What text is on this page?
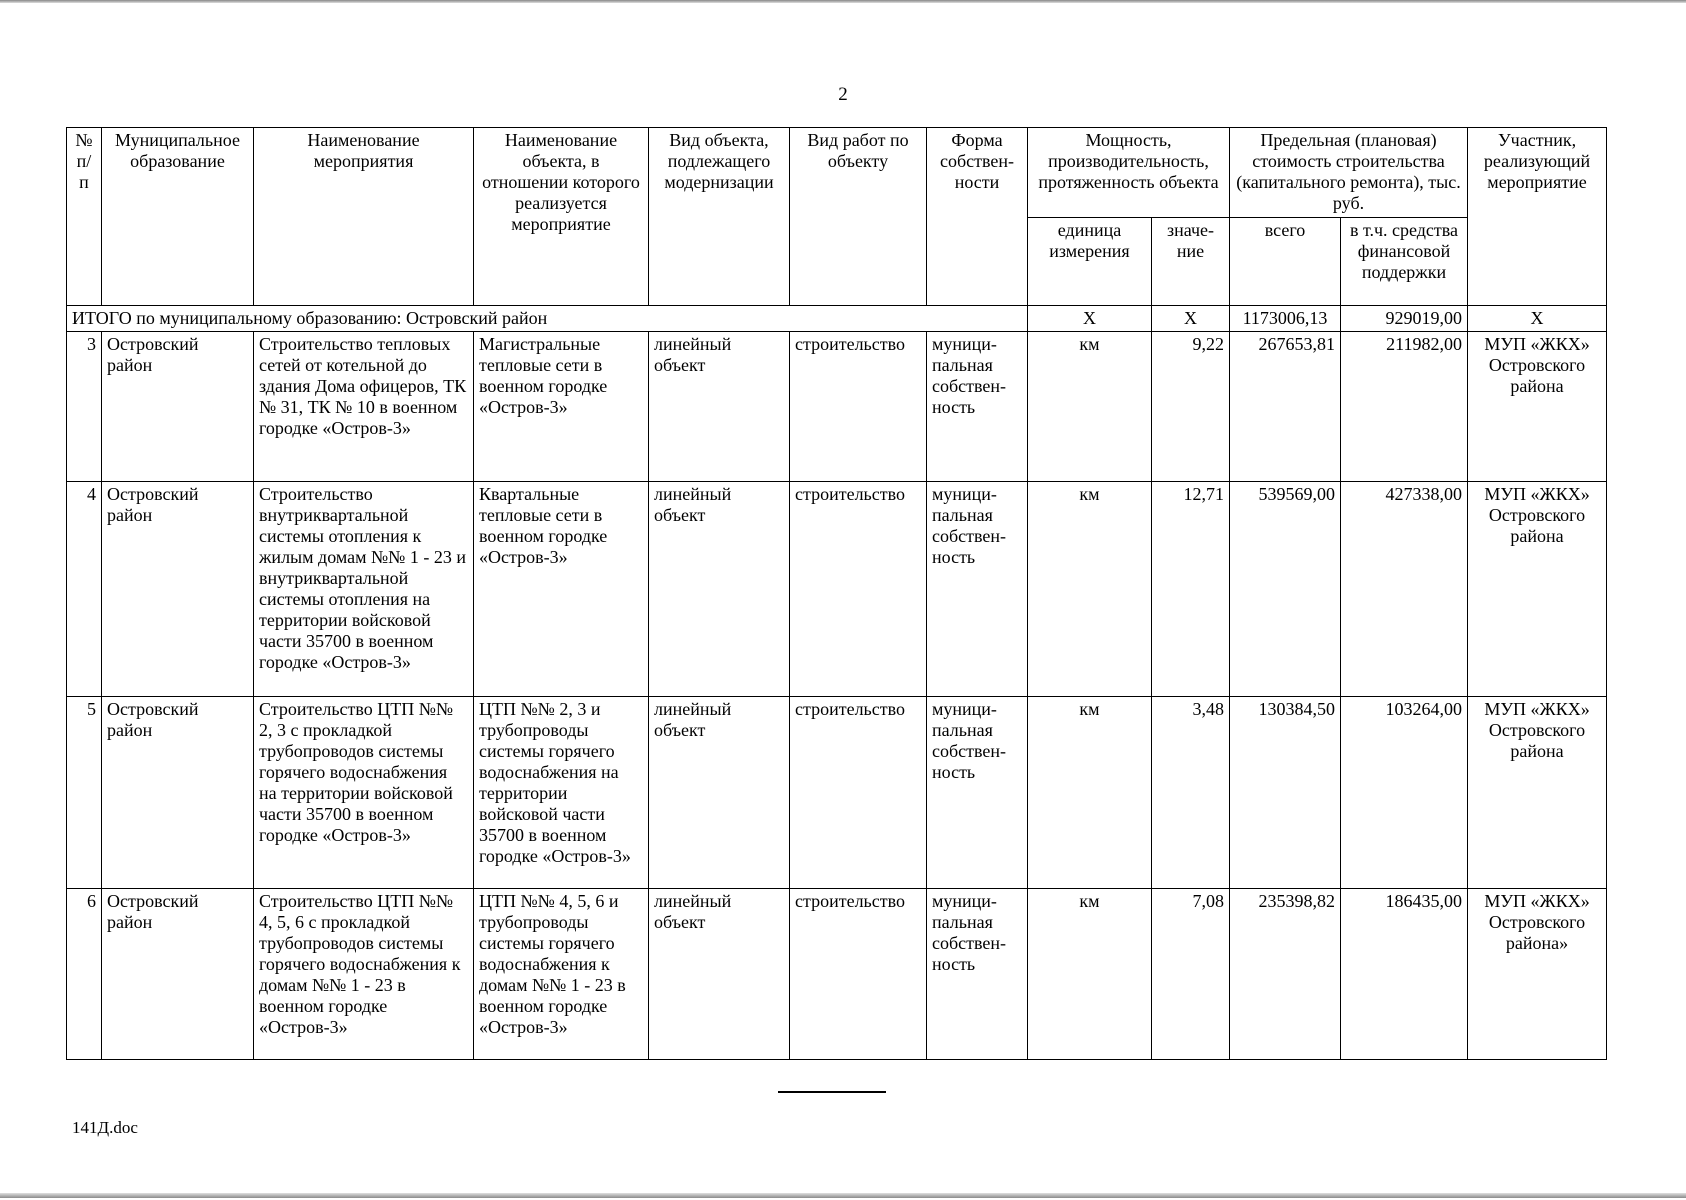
2
№ п/п	Муниципальное образование	Наименование мероприятия	Наименование объекта, в отношении которого реализуется мероприятие	Вид объекта, подлежащего модернизации	Вид работ по объекту	Форма собствен- ности	Мощность, производительность, протяженность объекта		Предельная (плановая) стоимость строительства (капитального ремонта), тыс. руб.		Участник, реализующий мероприятие
							единица измерения	значе- ние	всего	в т.ч. средства финансовой поддержки	
ИТОГО по муниципальному образованию: Островский район							Х	Х	1173006,13	929019,00	Х
3	Островский район	Строительство тепловых сетей от котельной до здания Дома офицеров, ТК № 31, ТК № 10 в военном городке «Остров-3»	Магистральные тепловые сети в военном городке «Остров-3»	линейный объект	строительство	муници- пальная собствен- ность	км	9,22	267653,81	211982,00	МУП «ЖКХ» Островского района
4	Островский район	Строительство внутриквартальной системы отопления к жилым домам №№ 1 - 23 и внутриквартальной системы отопления на территории войсковой части 35700 в военном городке «Остров-3»	Квартальные тепловые сети в военном городке «Остров-3»	линейный объект	строительство	муници- пальная собствен- ность	км	12,71	539569,00	427338,00	МУП «ЖКХ» Островского района
5	Островский район	Строительство ЦТП №№ 2, 3 с прокладкой трубопроводов системы горячего водоснабжения на территории войсковой части 35700 в военном городке «Остров-3»	ЦТП №№ 2, 3 и трубопроводы системы горячего водоснабжения на территории войсковой части 35700 в военном городке «Остров-3»	линейный объект	строительство	муници- пальная собствен- ность	км	3,48	130384,50	103264,00	МУП «ЖКХ» Островского района
6	Островский район	Строительство ЦТП №№ 4, 5, 6 с прокладкой трубопроводов системы горячего водоснабжения к домам №№ 1 - 23 в военном городке «Остров-3»	ЦТП №№ 4, 5, 6 и трубопроводы системы горячего водоснабжения к домам №№ 1 - 23 в военном городке «Остров-3»	линейный объект	строительство	муници- пальная собствен- ность	км	7,08	235398,82	186435,00	МУП «ЖКХ» Островского района»
141Д.doc
